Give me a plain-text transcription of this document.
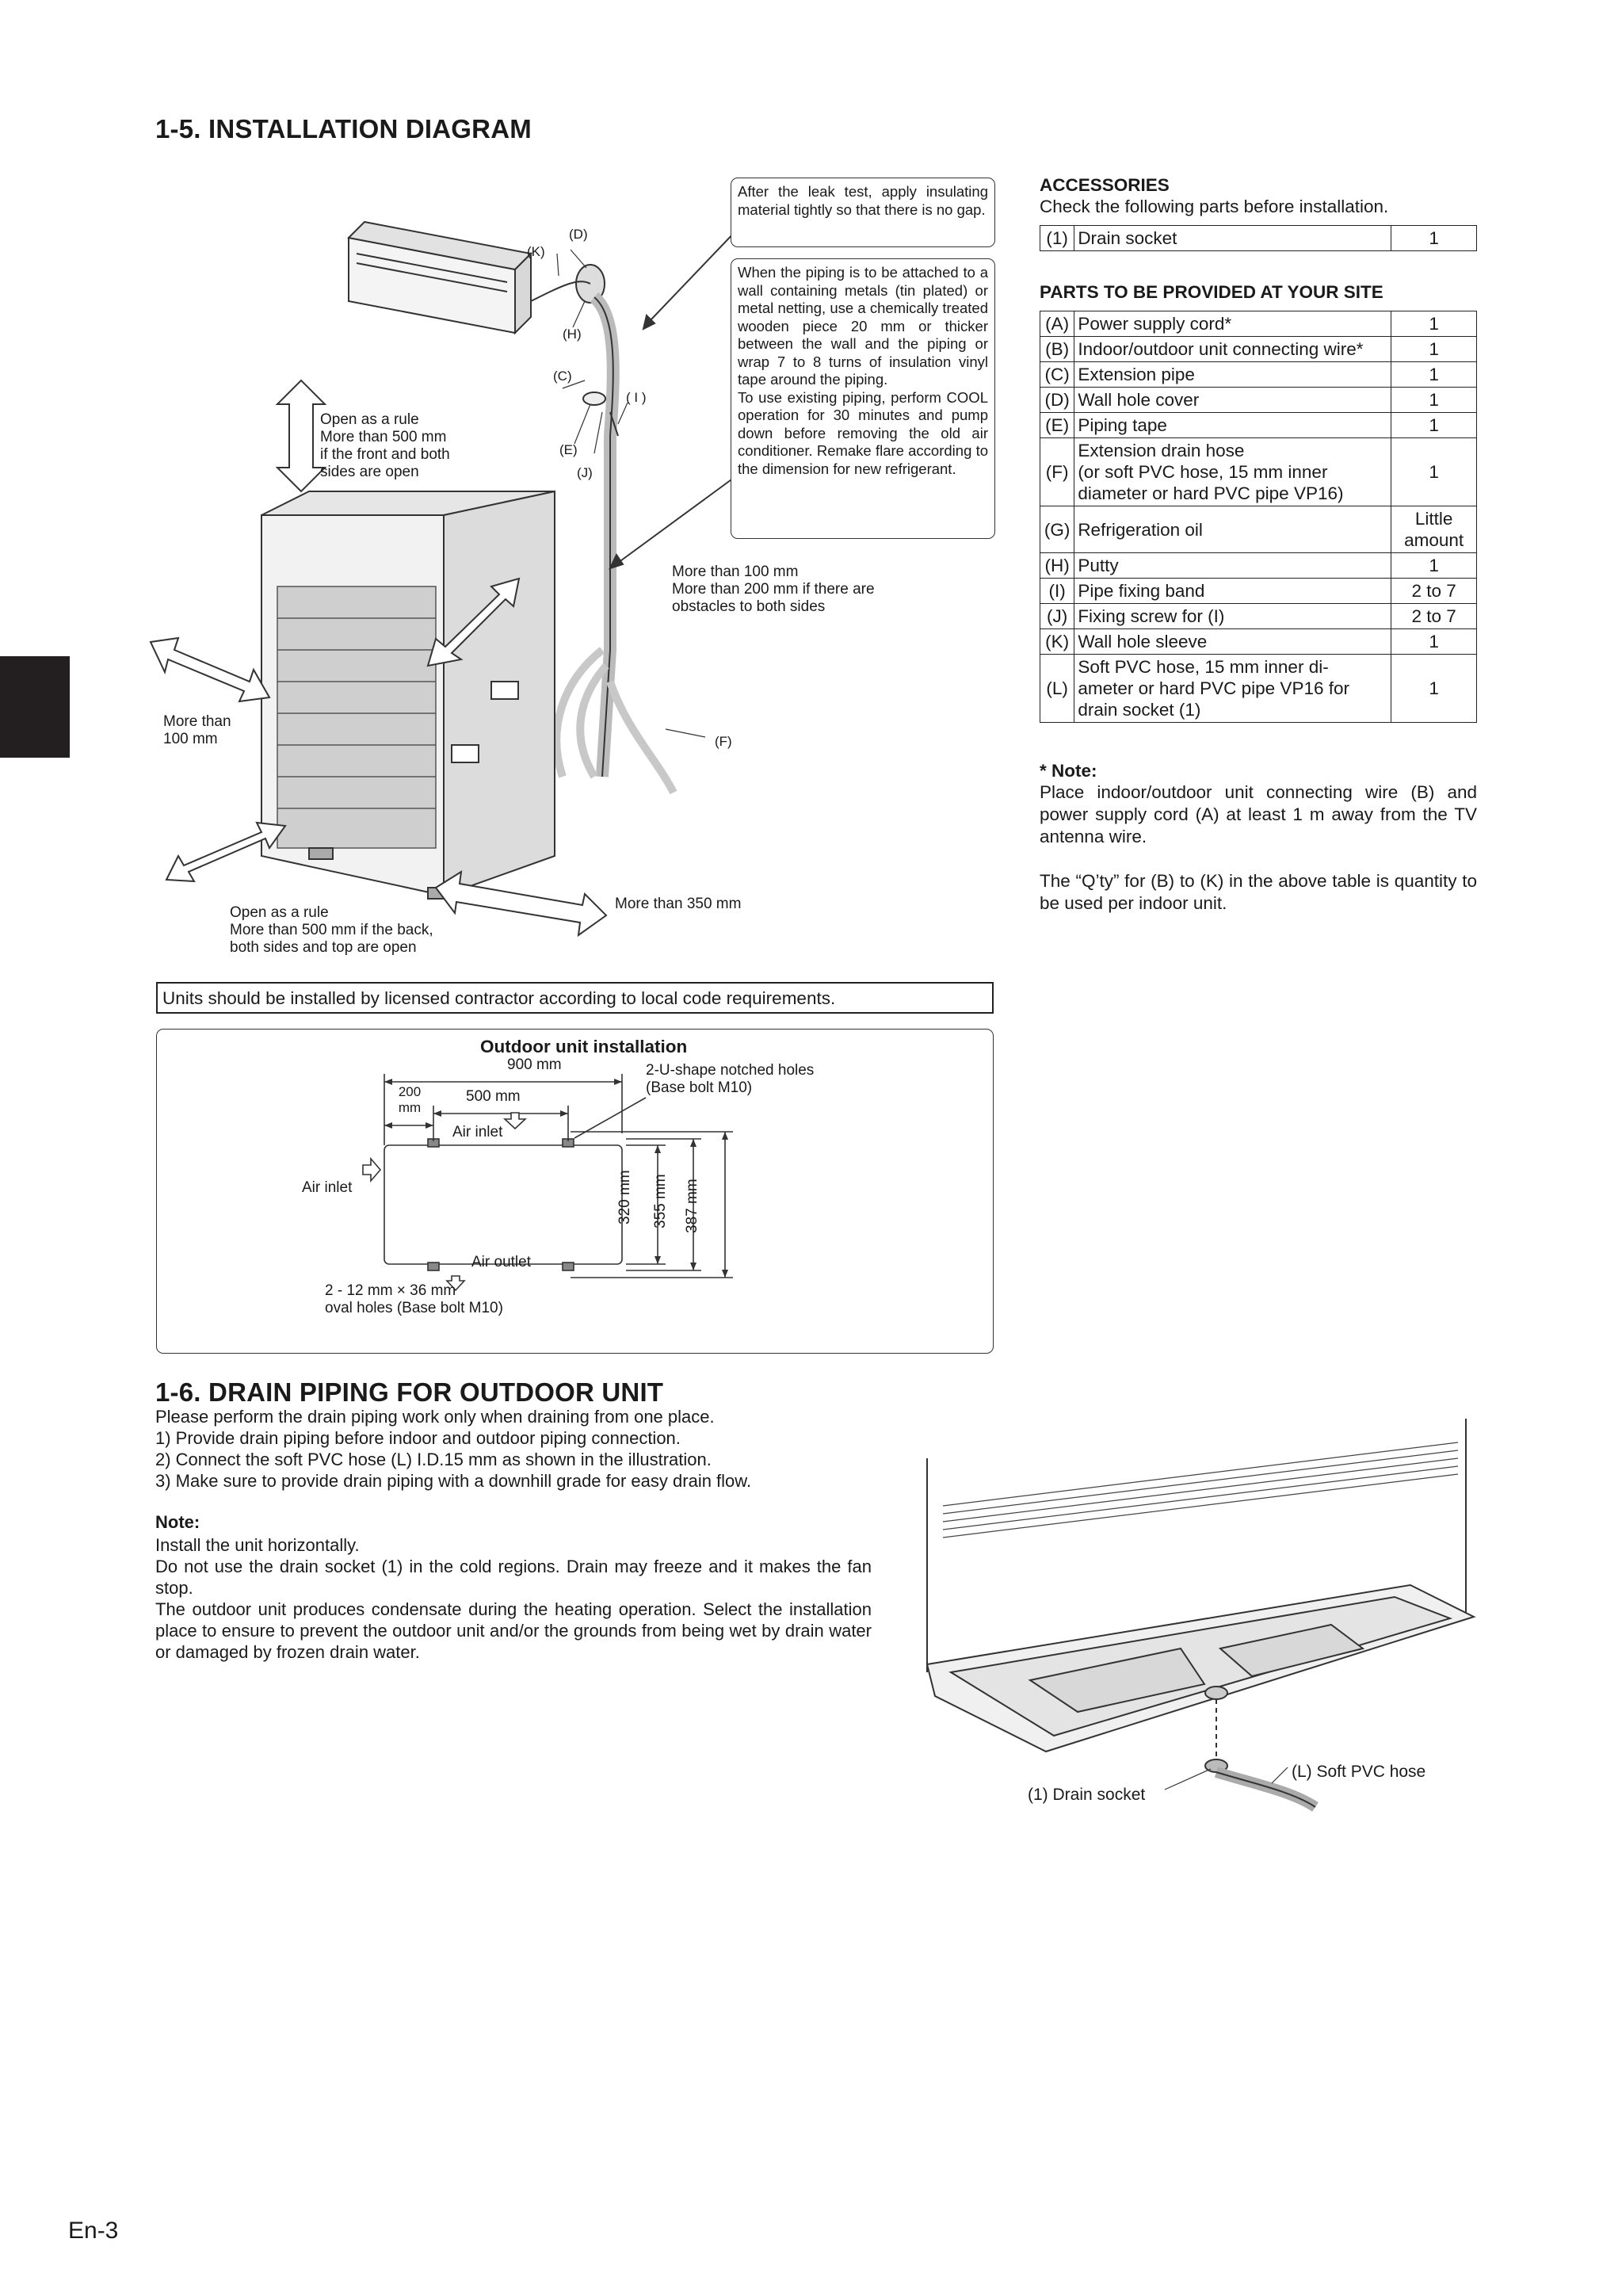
1-5. INSTALLATION DIAGRAM
(K)
(D)
(H)
(C)
( I )
(E)
(J)
(F)
Open as a rule
More than 500 mm
if the front and both
sides are open
More than 100 mm
More than 200 mm if there are
obstacles to both sides
More than
100 mm
Open as a rule
More than 500 mm if the back,
both sides and top are open
More than 350 mm
After the leak test, apply insulating material tightly so that there is no gap.
When the piping is to be attached to a wall containing metals (tin plated) or metal netting, use a chemically treated wooden piece 20 mm or thicker between the wall and the piping or wrap 7 to 8 turns of insulation vinyl tape around the piping.
To use existing piping, perform COOL operation for 30 minutes and pump down before removing the old air conditioner. Remake flare according to the dimension for new refrigerant.
ACCESSORIES
Check the following parts before installation.
(1)	Drain socket	1
PARTS TO BE PROVIDED AT YOUR SITE
(A)	Power supply cord*	1
(B)	Indoor/outdoor unit connecting wire*	1
(C)	Extension pipe	1
(D)	Wall hole cover	1
(E)	Piping tape	1
(F)	Extension drain hose
(or soft PVC hose, 15 mm inner
diameter or hard PVC pipe VP16)	1
(G)	Refrigeration oil	Little
amount

(H)	Putty	1
(I)	Pipe fixing band	2 to 7
(J)	Fixing screw for (I)	2 to 7
(K)	Wall hole sleeve	1
(L)	Soft PVC hose, 15 mm inner di-
ameter or hard PVC pipe VP16 for
drain socket (1)	1
* Note:
Place indoor/outdoor unit connecting wire (B) and power supply cord (A) at least 1 m away from the TV antenna wire.
The “Q’ty” for (B) to (K) in the above table is quantity to be used per indoor unit.
Units should be installed by licensed contractor according to local code requirements.
Outdoor unit installation
900 mm
200
mm
500 mm
2-U-shape notched holes
(Base bolt M10)
Air inlet
Air inlet
Air outlet
320 mm 355 mm 387 mm
2 - 12 mm × 36 mm
oval holes (Base bolt M10)
1-6. DRAIN PIPING FOR OUTDOOR UNIT
Please perform the drain piping work only when draining from one place.
1) Provide drain piping before indoor and outdoor piping connection.
2) Connect the soft PVC hose (L) I.D.15 mm as shown in the illustration.
3) Make sure to provide drain piping with a downhill grade for easy drain flow.
Note:
Install the unit horizontally.
Do not use the drain socket (1) in the cold regions. Drain may freeze and it makes the fan stop.
The outdoor unit produces condensate during the heating operation. Select the installation place to ensure to prevent the outdoor unit and/or the grounds from being wet by drain water or damaged by frozen drain water.
(1) Drain socket
(L) Soft PVC hose
En-3
